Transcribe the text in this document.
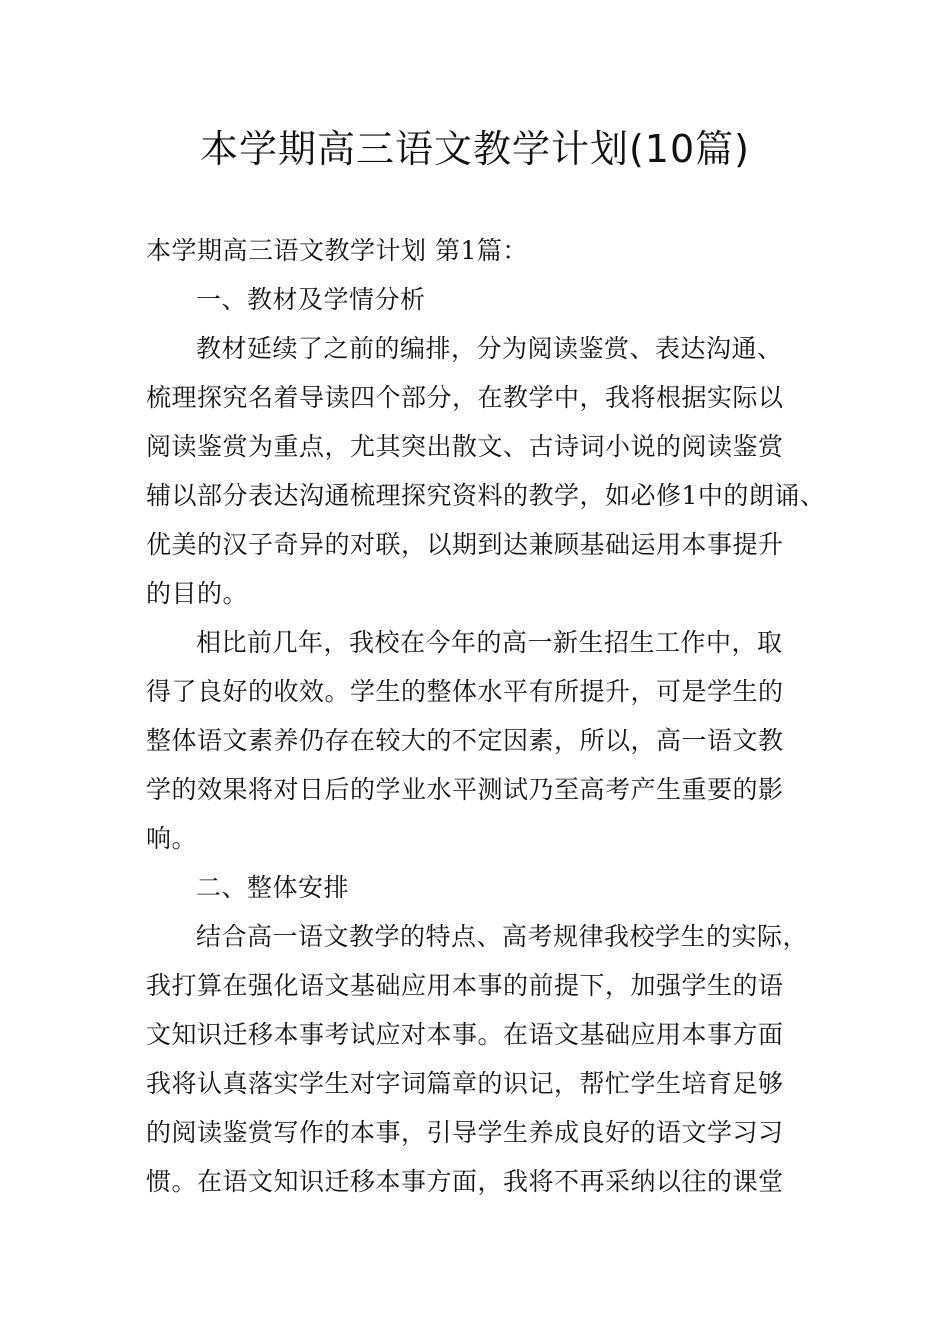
本学期高三语文教学计划(10篇)
本学期高三语文教学计划 第1篇：
一、教材及学情分析
教材延续了之前的编排，分为阅读鉴赏、表达沟通、
梳理探究名着导读四个部分，在教学中，我将根据实际以
阅读鉴赏为重点，尤其突出散文、古诗词小说的阅读鉴赏
辅以部分表达沟通梳理探究资料的教学，如必修1中的朗诵、
优美的汉子奇异的对联，以期到达兼顾基础运用本事提升
的目的。
相比前几年，我校在今年的高一新生招生工作中，取
得了良好的收效。学生的整体水平有所提升，可是学生的
整体语文素养仍存在较大的不定因素，所以，高一语文教
学的效果将对日后的学业水平测试乃至高考产生重要的影
响。
二、整体安排
结合高一语文教学的特点、高考规律我校学生的实际，
我打算在强化语文基础应用本事的前提下，加强学生的语
文知识迁移本事考试应对本事。在语文基础应用本事方面
我将认真落实学生对字词篇章的识记，帮忙学生培育足够
的阅读鉴赏写作的本事，引导学生养成良好的语文学习习
惯。在语文知识迁移本事方面，我将不再采纳以往的课堂
